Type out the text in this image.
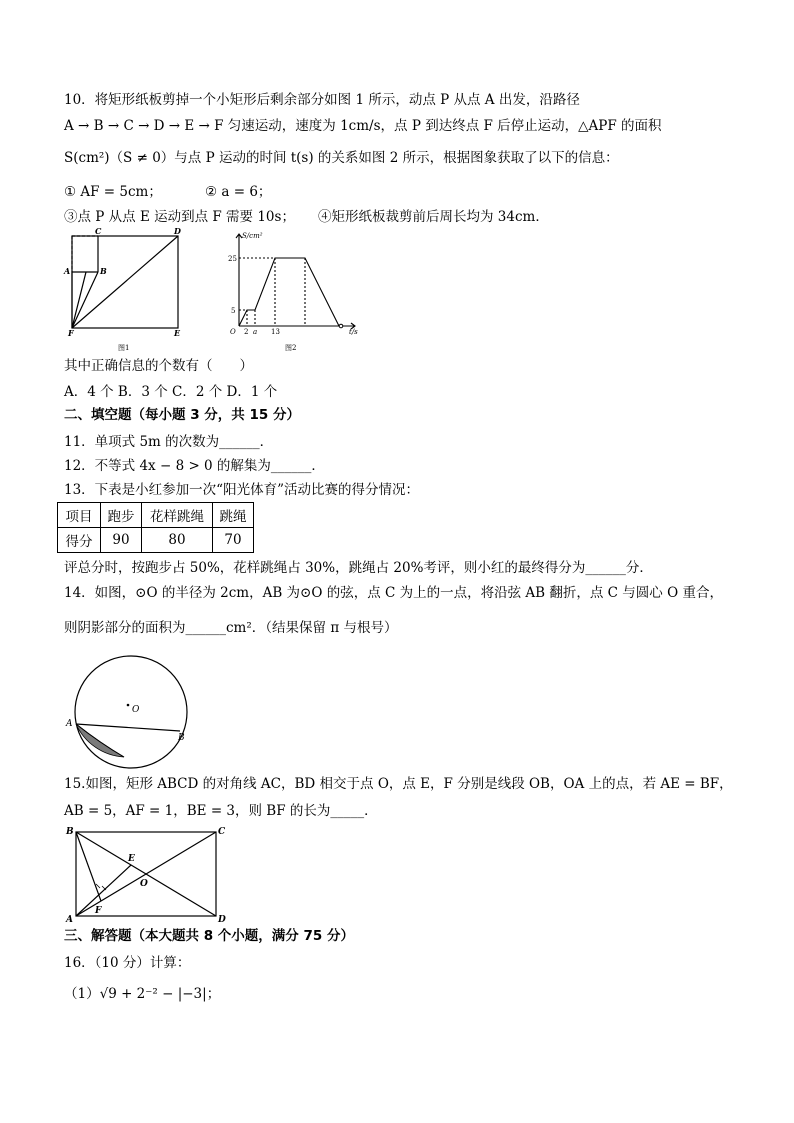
10．将矩形纸板剪掉一个小矩形后剩余部分如图 1 所示，动点 P 从点 A 出发，沿路径
A → B → C → D → E → F 匀速运动，速度为 1cm/s，点 P 到达终点 F 后停止运动，△APF 的面积
S(cm²)（S ≠ 0）与点 P 运动的时间 t(s) 的关系如图 2 所示，根据图象获取了以下的信息：
① AF = 5cm；	② a = 6；
③点 P 从点 E 运动到点 F 需要 10s； ④矩形纸板裁剪前后周长均为 34cm．
A	B
C	D
E
F
图1
S/cm²
25
5
O 2 a 13	t/s
图2
其中正确信息的个数有（　　）
A．4 个 B．3 个 C．2 个 D．1 个
二、填空题（每小题 3 分，共 15 分）
11．单项式 5m 的次数为______．
12．不等式 4x − 8 > 0 的解集为______．
13．下表是小红参加一次“阳光体育”活动比赛的得分情况：
项目	跑步	花样跳绳	跳绳
得分	90	80	70
评总分时，按跑步占 50%，花样跳绳占 30%，跳绳占 20%考评，则小红的最终得分为______分．
14．如图，⊙O 的半径为 2cm，AB 为⊙O 的弦，点 C 为上的一点，将沿弦 AB 翻折，点 C 与圆心 O 重合，
则阴影部分的面积为______cm²．（结果保留 π 与根号）
O
A
B
15.如图，矩形 ABCD 的对角线 AC，BD 相交于点 O，点 E，F 分别是线段 OB，OA 上的点，若 AE = BF，
AB = 5，AF = 1，BE = 3，则 BF 的长为_____．
B	C
A	D
E
F
O
三、解答题（本大题共 8 个小题，满分 75 分）
16．（10 分）计算：
（1）√9 + 2⁻² − |−3|；
